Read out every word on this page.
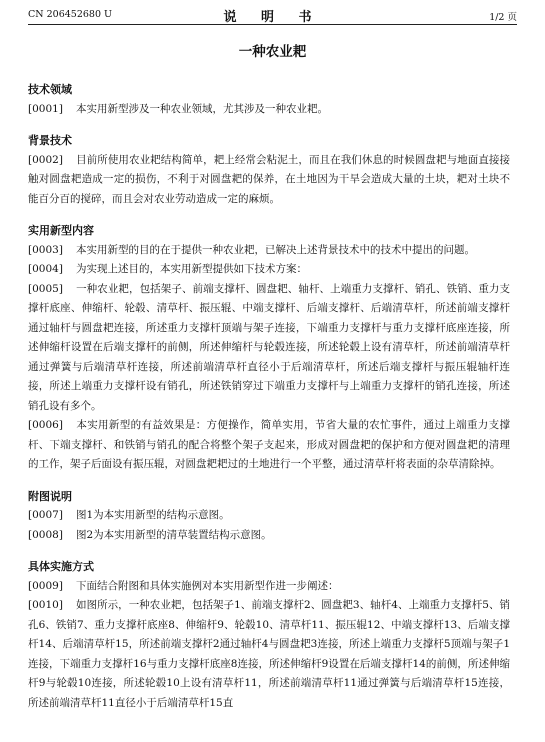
CN 206452680 U	说 明 书	1/2 页
一种农业耙

技术领域

[0001] 本实用新型涉及一种农业领域，尤其涉及一种农业耙。

背景技术

[0002] 目前所使用农业耙结构简单，耙上经常会粘泥土，而且在我们休息的时候圆盘耙与地面直接接触对圆盘耙造成一定的损伤，不利于对圆盘耙的保养，在土地因为干旱会造成大量的土块，耙对土块不能百分百的搅碎，而且会对农业劳动造成一定的麻烦。

实用新型内容

[0003] 本实用新型的目的在于提供一种农业耙，已解决上述背景技术中的技术中提出的问题。

[0004] 为实现上述目的，本实用新型提供如下技术方案：

[0005] 一种农业耙，包括架子、前端支撑杆、圆盘耙、轴杆、上端重力支撑杆、销孔、铁销、重力支撑杆底座、伸缩杆、轮毂、清草杆、振压辊、中端支撑杆、后端支撑杆、后端清草杆，所述前端支撑杆通过轴杆与圆盘耙连接，所述重力支撑杆顶端与架子连接，下端重力支撑杆与重力支撑杆底座连接，所述伸缩杆设置在后端支撑杆的前侧，所述伸缩杆与轮毂连接，所述轮毂上设有清草杆，所述前端清草杆通过弹簧与后端清草杆连接，所述前端清草杆直径小于后端清草杆，所述后端支撑杆与振压辊轴杆连接，所述上端重力支撑杆设有销孔，所述铁销穿过下端重力支撑杆与上端重力支撑杆的销孔连接，所述销孔设有多个。

[0006] 本实用新型的有益效果是：方便操作，简单实用，节省大量的农忙事件，通过上端重力支撑杆、下端支撑杆、和铁销与销孔的配合将整个架子支起来，形成对圆盘耙的保护和方便对圆盘耙的清理的工作，架子后面设有振压辊，对圆盘耙耙过的土地进行一个平整，通过清草杆将表面的杂草清除掉。

附图说明

[0007] 图1为本实用新型的结构示意图。

[0008] 图2为本实用新型的清草装置结构示意图。

具体实施方式

[0009] 下面结合附图和具体实施例对本实用新型作进一步阐述：

[0010] 如图所示，一种农业耙，包括架子1、前端支撑杆2、圆盘耙3、轴杆4、上端重力支撑杆5、销孔6、铁销7、重力支撑杆底座8、伸缩杆9、轮毂10、清草杆11、振压辊12、中端支撑杆13、后端支撑杆14、后端清草杆15，所述前端支撑杆2通过轴杆4与圆盘耙3连接，所述上端重力支撑杆5顶端与架子1连接，下端重力支撑杆16与重力支撑杆底座8连接，所述伸缩杆9设置在后端支撑杆14的前侧，所述伸缩杆9与轮毂10连接，所述轮毂10上设有清草杆11，所述前端清草杆11通过弹簧与后端清草杆15连接，所述前端清草杆11直径小于后端清草杆15直
